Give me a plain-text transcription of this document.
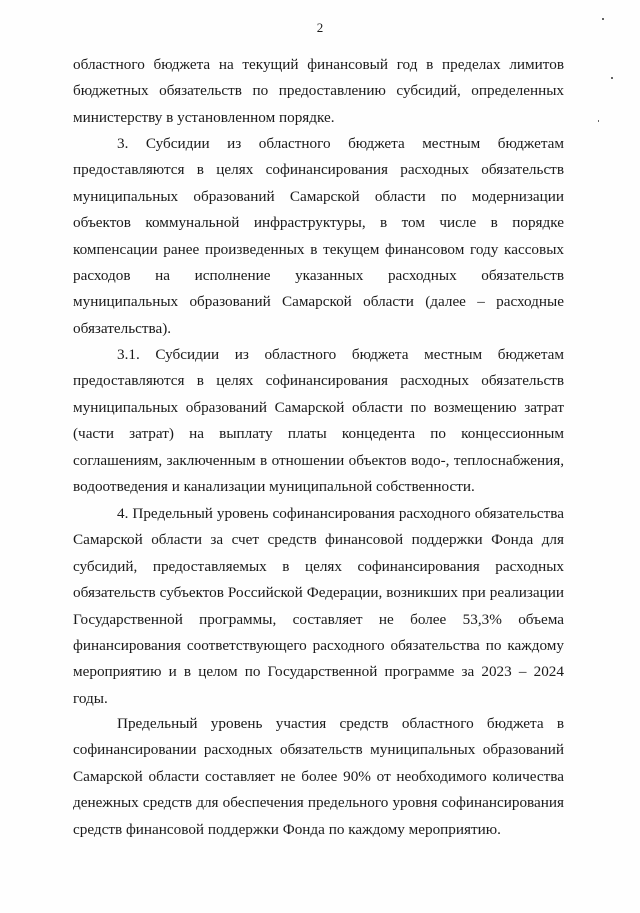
2

областного бюджета на текущий финансовый год в пределах лимитов бюджетных обязательств по предоставлению субсидий, определенных министерству в установленном порядке.

3. Субсидии из областного бюджета местным бюджетам предоставляются в целях софинансирования расходных обязательств муниципальных образований Самарской области по модернизации объектов коммунальной инфраструктуры, в том числе в порядке компенсации ранее произведенных в текущем финансовом году кассовых расходов на исполнение указанных расходных обязательств муниципальных образований Самарской области (далее – расходные обязательства).

3.1. Субсидии из областного бюджета местным бюджетам предоставляются в целях софинансирования расходных обязательств муниципальных образований Самарской области по возмещению затрат (части затрат) на выплату платы концедента по концессионным соглашениям, заключенным в отношении объектов водо-, теплоснабжения, водоотведения и канализации муниципальной собственности.

4. Предельный уровень софинансирования расходного обязательства Самарской области за счет средств финансовой поддержки Фонда для субсидий, предоставляемых в целях софинансирования расходных обязательств субъектов Российской Федерации, возникших при реализации Государственной программы, составляет не более 53,3% объема финансирования соответствующего расходного обязательства по каждому мероприятию и в целом по Государственной программе за 2023 – 2024 годы.

Предельный уровень участия средств областного бюджета в софинансировании расходных обязательств муниципальных образований Самарской области составляет не более 90% от необходимого количества денежных средств для обеспечения предельного уровня софинансирования средств финансовой поддержки Фонда по каждому мероприятию.
